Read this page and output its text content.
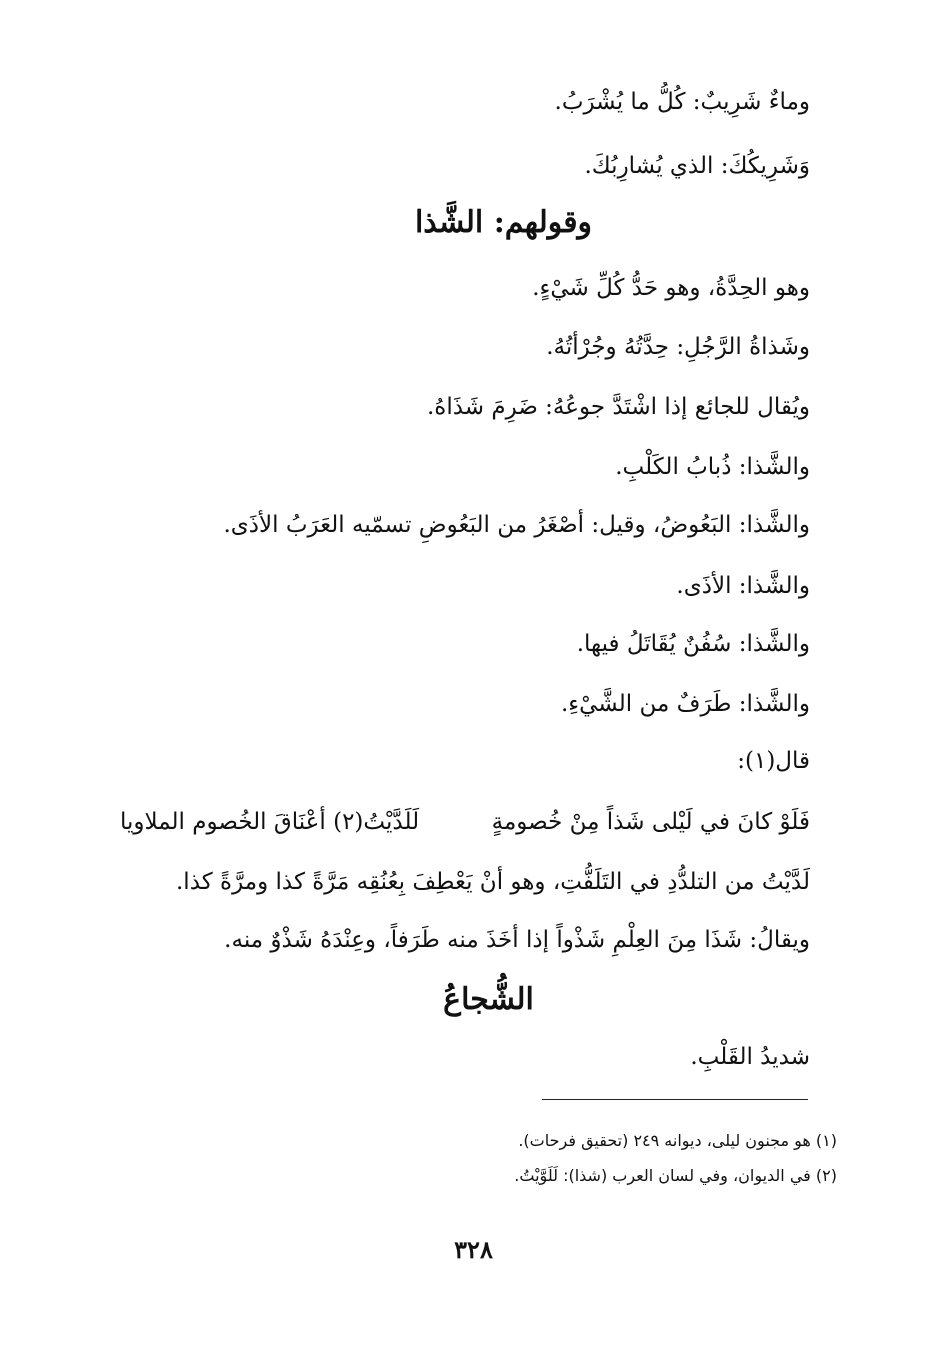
وماءٌ شَرِيبٌ: كُلُّ ما يُشْرَبُ.

وَشَرِيكُكَ: الذي يُشارِبُكَ.

وقولهم: الشَّذا

وهو الحِدَّةُ، وهو حَدُّ كُلِّ شَيْءٍ.

وشَذاةُ الرَّجُلِ: حِدَّتُهُ وجُرْأتُهُ.

ويُقال للجائع إذا اشْتَدَّ جوعُهُ: ضَرِمَ شَذَاهُ.

والشَّذا: ذُبابُ الكَلْبِ.

والشَّذا: البَعُوضُ، وقيل: أصْغَرُ من البَعُوضِ تسمّيه العَرَبُ الأذَى.

والشَّذا: الأذَى.

والشَّذا: سُفُنٌ يُقَاتَلُ فيها.

والشَّذا: طَرَفٌ من الشَّيْءِ.

قال(١):

فَلَوْ كانَ في لَيْلى شَذاً مِنْ خُصومةٍ
لَلَدَّيْتُ(٢) أعْنَاقَ الخُصوم الملاويا

لَدَّيْتُ من التلدُّدِ في التَلَفُّتِ، وهو أنْ يَعْطِفَ بِعُنُقِه مَرَّةً كذا ومرَّةً كذا.

ويقالُ: شَذَا مِنَ العِلْمِ شَذْواً إذا أخَذَ منه طَرَفاً، وعِنْدَهُ شَذْوٌ منه.

الشُّجاعُ

شديدُ القَلْبِ.

(١) هو مجنون ليلى، ديوانه ٢٤٩ (تحقيق فرحات).

(٢) في الديوان، وفي لسان العرب (شذا): لَلَوَّيْتُ.

٣٢٨
